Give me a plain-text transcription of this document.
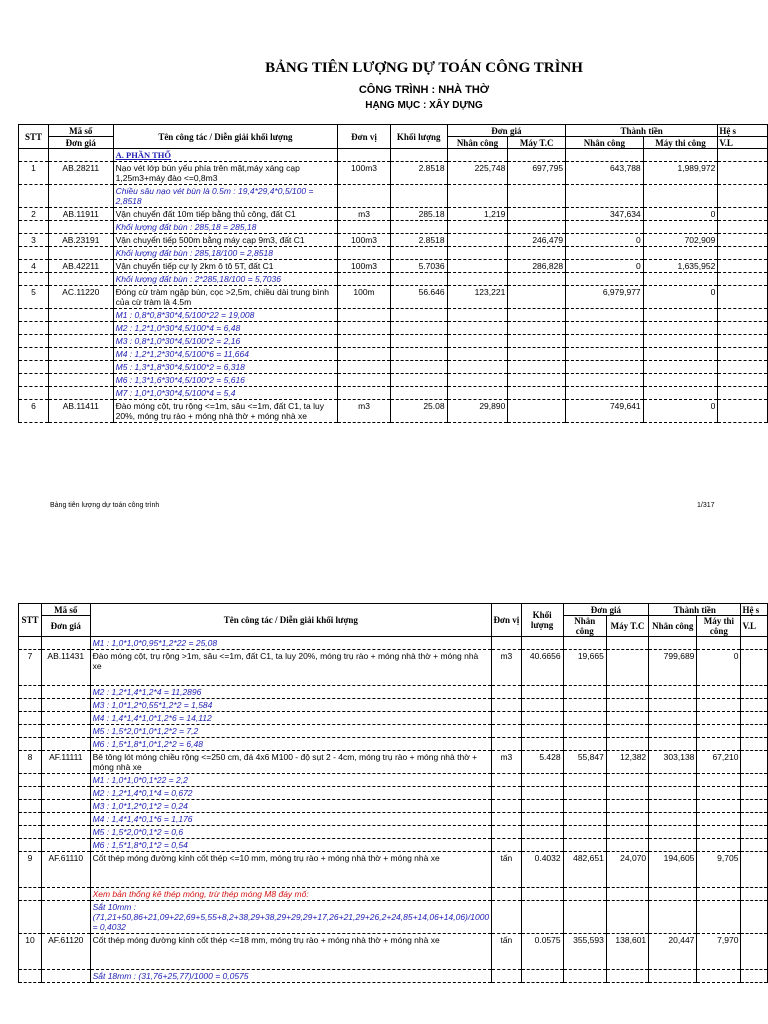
BẢNG TIÊN LƯỢNG DỰ TOÁN CÔNG TRÌNH
CÔNG TRÌNH : NHÀ THỜ
HẠNG MỤC : XÂY DỰNG
STT	Mã số	Tên công tác / Diễn giải khối lượng	Đơn vị	Khối lượng	Đơn giá		Thành tiền		Hệ s
	Đơn giá				Nhân công	Máy T.C	Nhân công	Máy thi công	V.L
		A. PHẦN THỔ							
1	AB.28211	Nạo vét lớp bùn yếu phía trên mặt,máy xáng cạp 1,25m3+máy đào <=0,8m3	100m3	2.8518	225,748	697,795	643,788	1,989,972	
		Chiều sâu nạo vét bùn là 0.5m : 19,4*29,4*0,5/100 = 2,8518							
2	AB.11911	Vận chuyển đất 10m tiếp bằng thủ công, đất C1	m3	285.18	1,219		347,634	0	
		Khối lượng đất bùn : 285,18 = 285,18							
3	AB.23191	Vận chuyển tiếp 500m bằng máy cạp 9m3, đất C1	100m3	2.8518		246,479	0	702,909	
		Khối lượng đất bùn : 285,18/100 = 2,8518							
4	AB.42211	Vận chuyển tiếp cự ly 2km ô tô 5T, đất C1	100m3	5.7036		286,828	0	1,635,952	
		Khối lượng đất bùn : 2*285,18/100 = 5,7036							
5	AC.11220	Đóng cừ tràm ngập bùn, cọc >2,5m, chiều dài trung bình của cừ tràm là 4.5m	100m	56.646	123,221		6,979,977	0	
		M1 : 0,8*0,8*30*4,5/100*22 = 19,008							
		M2 : 1,2*1,0*30*4,5/100*4 = 6,48							
		M3 : 0,8*1,0*30*4,5/100*2 = 2,16							
		M4 : 1,2*1,2*30*4,5/100*6 = 11,664							
		M5 : 1,3*1,8*30*4,5/100*2 = 6,318							
		M6 : 1,3*1,6*30*4,5/100*2 = 5,616							
		M7 : 1,0*1,0*30*4,5/100*4 = 5,4							
6	AB.11411	Đào móng cột, trụ rộng <=1m, sâu <=1m, đất C1, ta luy 20%, móng trụ rào + móng nhà thờ + móng nhà xe	m3	25.08	29,890		749,641	0	
Bảng tiên lượng dự toán công trình	1/317
STT	Mã số	Tên công tác / Diễn giải khối lượng	Đơn vị	Khối lượng	Đơn giá		Thành tiền		Hệ s
	Đơn giá				Nhân công	Máy T.C	Nhân công	Máy thi công	V.L
		M1 : 1,0*1,0*0,95*1,2*22 = 25,08							
7	AB.11431	Đào móng cột, trụ rộng >1m, sâu <=1m, đất C1, ta luy 20%, móng trụ rào + móng nhà thờ + móng nhà xe	m3	40.6656	19,665		799,689	0	
		M2 : 1,2*1,4*1,2*4 = 11,2896							
		M3 : 1,0*1,2*0,55*1,2*2 = 1,584							
		M4 : 1,4*1,4*1,0*1,2*6 = 14,112							
		M5 : 1,5*2,0*1,0*1,2*2 = 7,2							
		M6 : 1,5*1,8*1,0*1,2*2 = 6,48							
8	AF.11111	Bê tông lót móng chiều rộng <=250 cm, đá 4x6 M100 - độ sụt 2 - 4cm, móng trụ rào + móng nhà thờ + móng nhà xe	m3	5.428	55,847	12,382	303,138	67,210	
		M1 : 1,0*1,0*0,1*22 = 2,2							
		M2 : 1,2*1,4*0,1*4 = 0,672							
		M3 : 1,0*1,2*0,1*2 = 0,24							
		M4 : 1,4*1,4*0,1*6 = 1,176							
		M5 : 1,5*2,0*0,1*2 = 0,6							
		M6 : 1,5*1,8*0,1*2 = 0,54							
9	AF.61110	Cốt thép móng đường kính cốt thép <=10 mm, móng trụ rào + móng nhà thờ + móng nhà xe	tấn	0.4032	482,651	24,070	194,605	9,705	
		Xem bản thống kê thép móng, trừ thép móng M8 đáy mố:							
		Sắt 10mm : (71,21+50,86+21,09+22,69+5,55+8,2+38,29+38,29+29,29+17,26+21,29+26,2+24,85+14,06+14,06)/1000 = 0,4032							
10	AF.61120	Cốt thép móng đường kính cốt thép <=18 mm, móng trụ rào + móng nhà thờ + móng nhà xe	tấn	0.0575	355,593	138,601	20,447	7,970	
		Sắt 18mm : (31,76+25,77)/1000 = 0,0575							
